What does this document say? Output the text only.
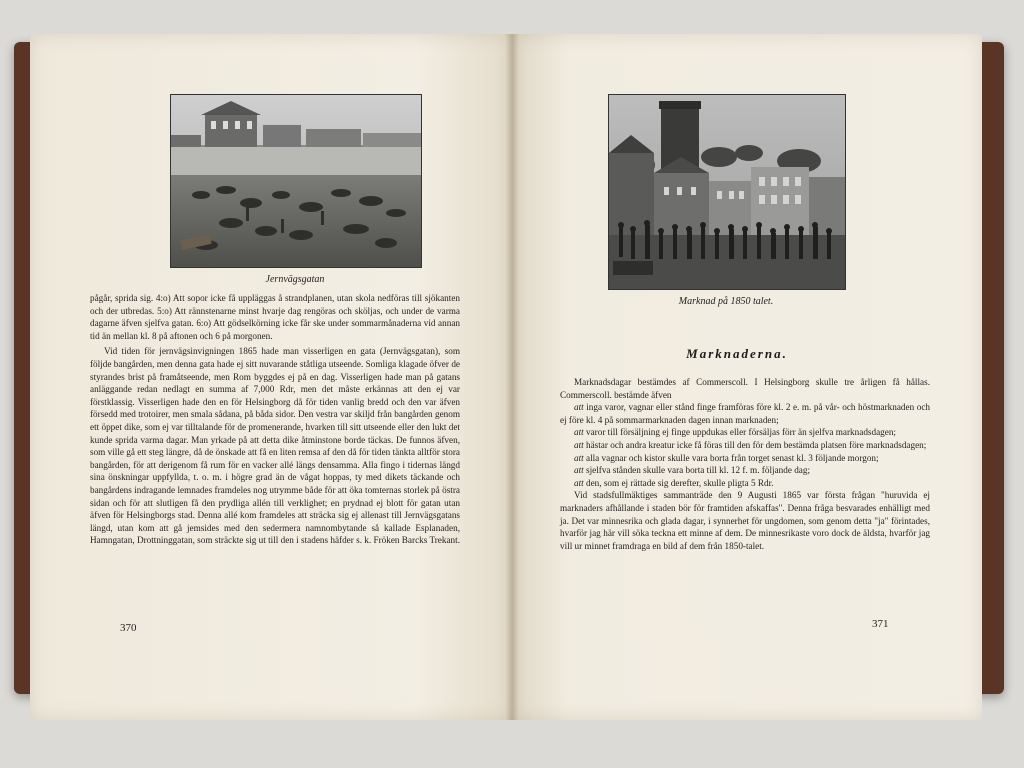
Jernvägsgatan

pågår, sprida sig. 4:o) Att sopor icke få uppläggas å strandplanen, utan skola nedföras till sjökanten och der utbredas. 5:o) Att rännstenarne minst hvarje dag rengöras och sköljas, och under de varma dagarne äfven sjelfva gatan. 6:o) Att gödselkörning icke får ske under sommarmånaderna vid annan tid än mellan kl. 8 på aftonen och 6 på morgonen.

Vid tiden för jernvägsinvigningen 1865 hade man visserligen en gata (Jernvägsgatan), som följde bangården, men denna gata hade ej sitt nuvarande ståtliga utseende. Somliga klagade öfver de styrandes brist på framåtseende, men Rom byggdes ej på en dag. Visserligen hade man på gatans anläggande redan nedlagt en summa af 7,000 Rdr, men det måste erkännas att den ej var förstklassig. Visserligen hade den en för Helsingborg då för tiden vanlig bredd och den var äfven försedd med trotoirer, men smala sådana, på båda sidor. Den vestra var skiljd från bangården genom ett öppet dike, som ej var tilltalande för de promenerande, hvarken till sitt utseende eller den lukt det kunde sprida varma dagar. Man yrkade på att detta dike åtminstone borde täckas. De funnos äfven, som ville gå ett steg längre, då de önskade att få en liten remsa af den då för tiden tänkta alltför stora bangården, för att derigenom få rum för en vacker allé längs densamma. Alla fingo i tidernas längd sina önskningar uppfyllda, t. o. m. i högre grad än de vågat hoppas, ty med dikets täckande och bangårdens indragande lemnades framdeles nog utrymme både för att öka tomternas storlek på östra sidan och för att slutligen få den prydliga allén till verklighet; en prydnad ej blott för gatan utan äfven för Helsingborgs stad. Denna allé kom framdeles att sträcka sig ej allenast till Jernvägsgatans längd, utan kom att gå jemsides med den sedermera namnombytande så kallade Esplanaden, Hamngatan, Drottninggatan, som sträckte sig ut till den i stadens häfder s. k. Fröken Barcks Trekant.

370
Marknad på 1850 talet.
Marknaderna.

Marknadsdagar bestämdes af Commerscoll. I Helsingborg skulle tre årligen få hållas. Commerscoll. bestämde äfven

att inga varor, vagnar eller stånd finge framföras före kl. 2 e. m. på vår- och höstmarknaden och ej före kl. 4 på sommarmarknaden dagen innan marknaden;

att varor till försäljning ej finge uppdukas eller försäljas förr än sjelfva marknadsdagen;

att hästar och andra kreatur icke få föras till den för dem bestämda platsen före marknadsdagen;

att alla vagnar och kistor skulle vara borta från torget senast kl. 3 följande morgon;

att sjelfva stånden skulle vara borta till kl. 12 f. m. följande dag;

att den, som ej rättade sig derefter, skulle pligta 5 Rdr.

Vid stadsfullmäktiges sammanträde den 9 Augusti 1865 var första frågan "huruvida ej marknaders afhållande i staden bör för framtiden afskaffas". Denna fråga besvarades enhälligt med ja. Det var minnesrika och glada dagar, i synnerhet för ungdomen, som genom detta "ja" förintades, hvarför jag här vill söka teckna ett minne af dem. De minnesrikaste voro dock de äldsta, hvarför jag vill ur minnet framdraga en bild af dem från 1850-talet.

371
